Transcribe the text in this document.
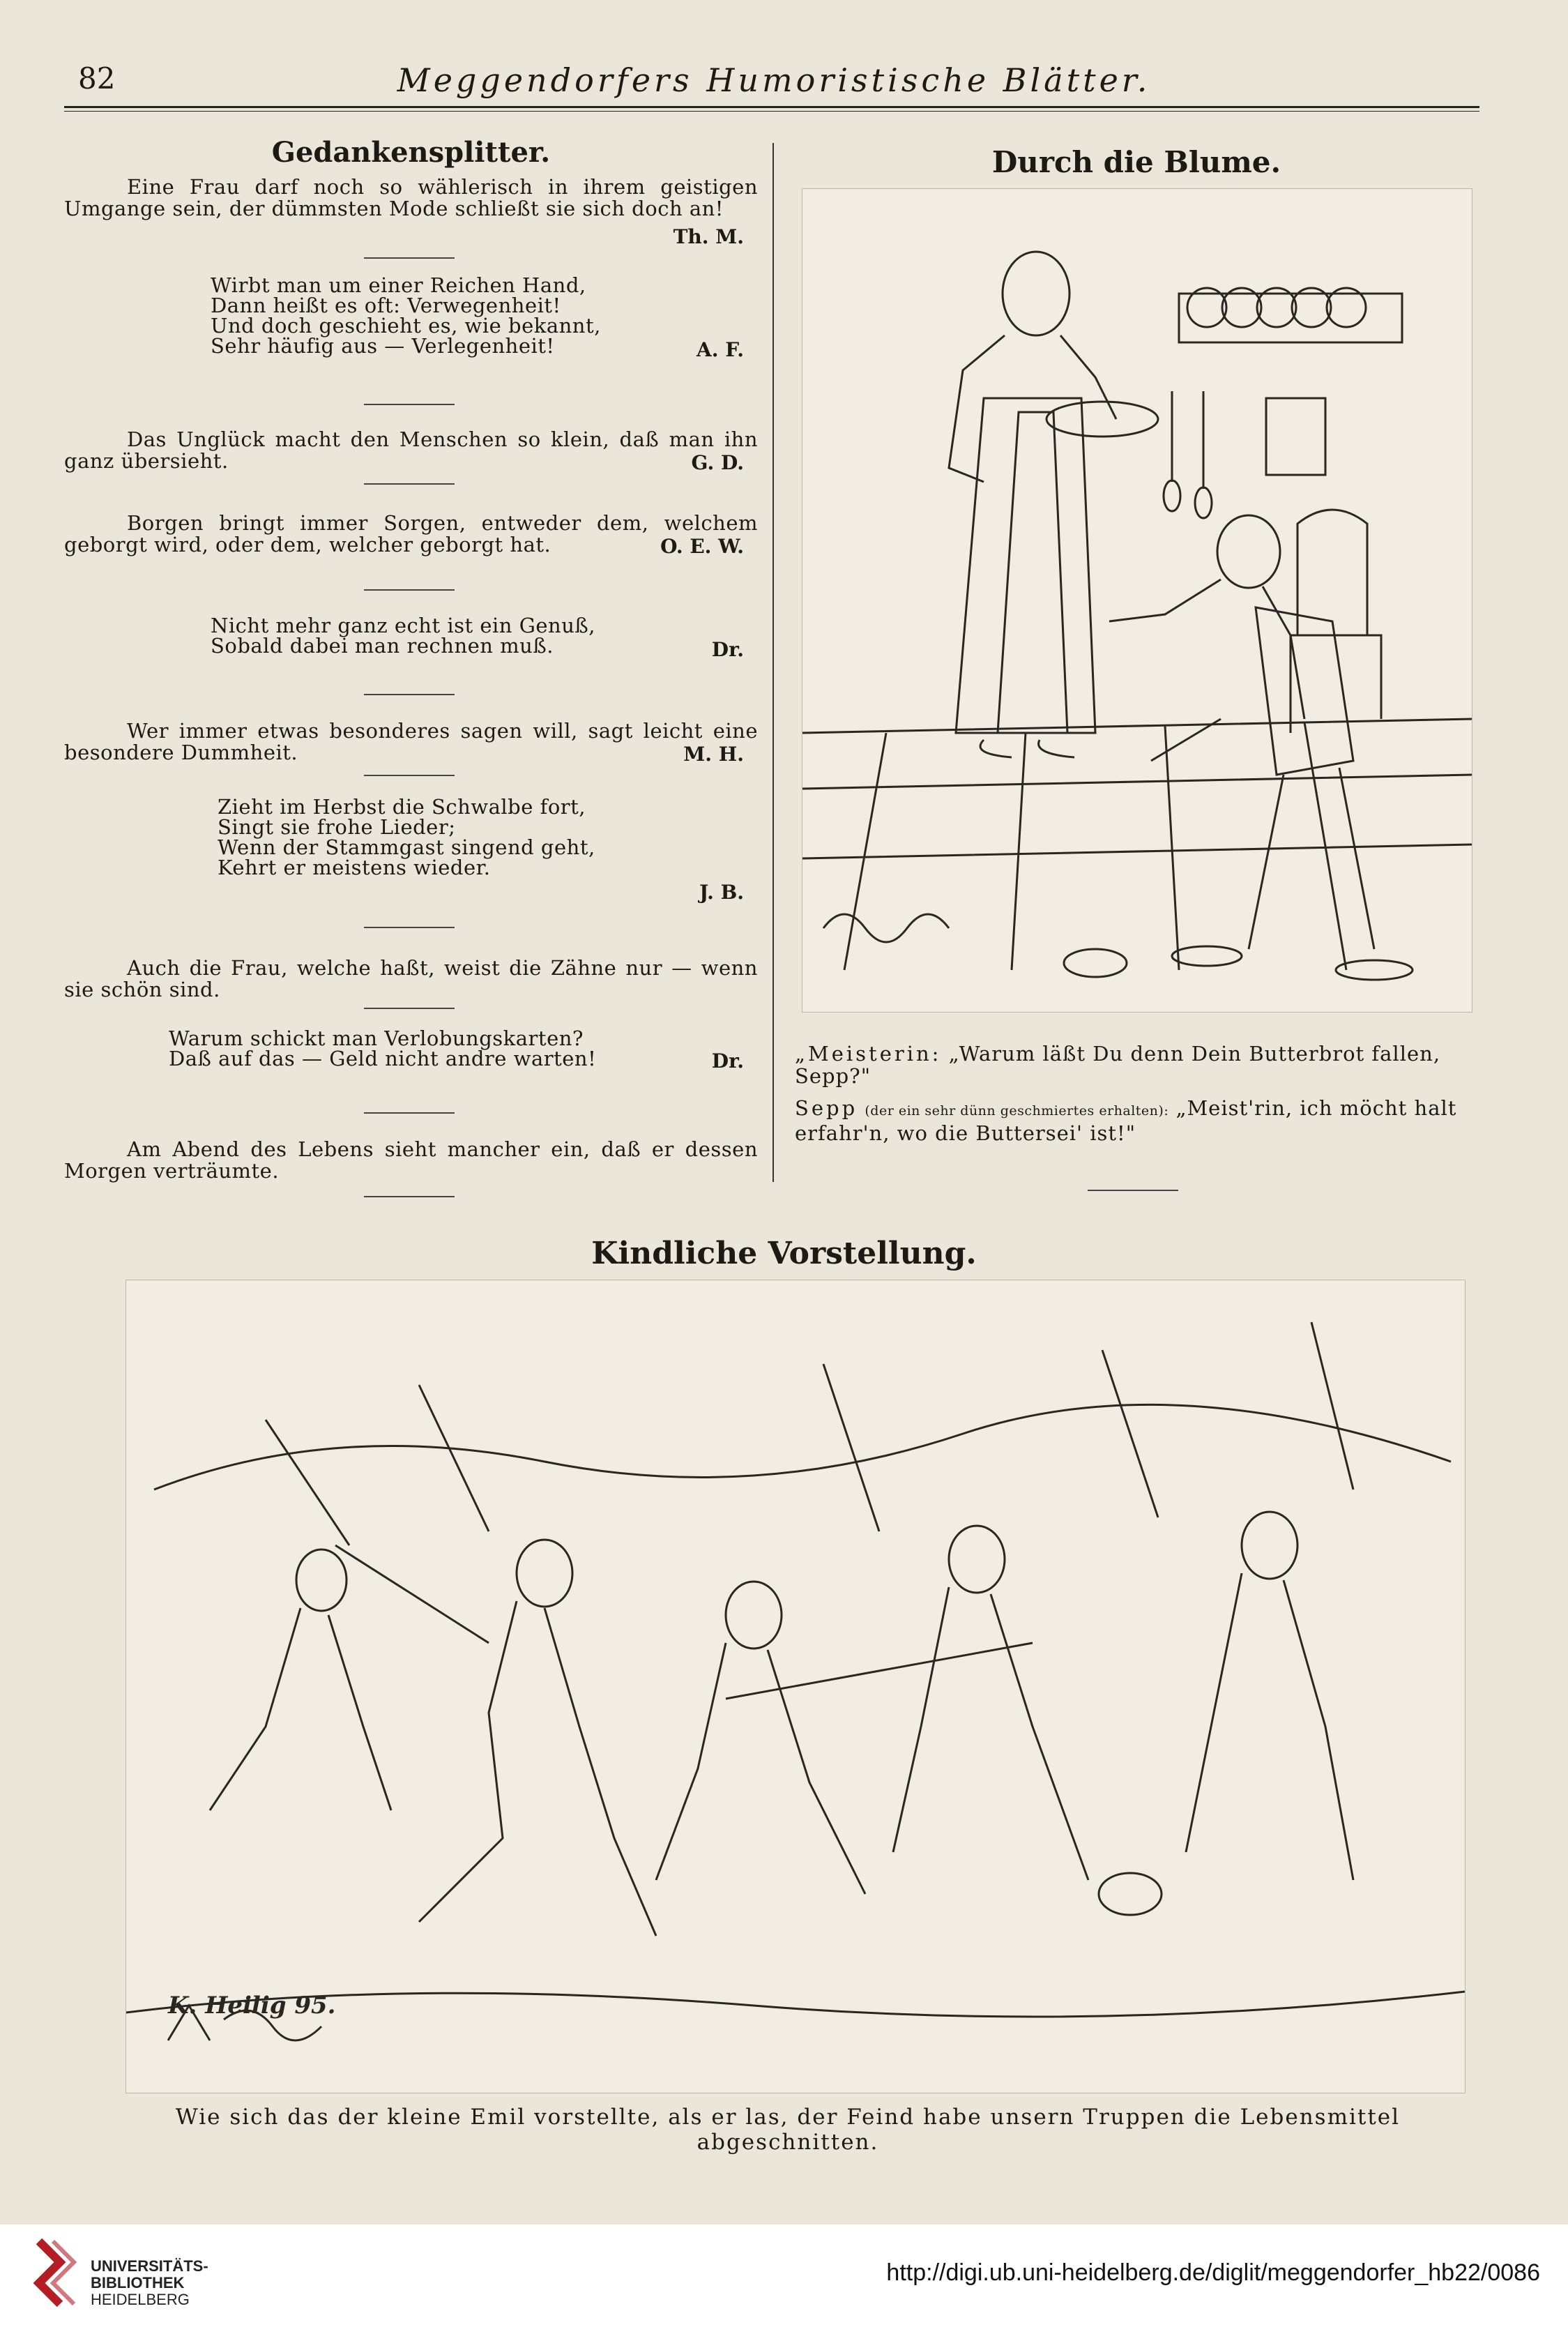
82	Meggendorfers Humoristische Blätter.
Gedankensplitter.
Eine Frau darf noch so wählerisch in ihrem geistigen Umgange sein, der dümmsten Mode schließt sie sich doch an!
Th. M.
Wirbt man um einer Reichen Hand,
Dann heißt es oft: Verwegenheit!
Und doch geschieht es, wie bekannt,
Sehr häufig aus — Verlegenheit!	A. F.
Das Unglück macht den Menschen so klein, daß man ihn ganz übersieht.	G. D.
Borgen bringt immer Sorgen, entweder dem, welchem geborgt wird, oder dem, welcher geborgt hat.	O. E. W.
Nicht mehr ganz echt ist ein Genuß,
Sobald dabei man rechnen muß.	Dr.
Wer immer etwas besonderes sagen will, sagt leicht eine besondere Dummheit.	M. H.
Zieht im Herbst die Schwalbe fort,
Singt sie frohe Lieder;
Wenn der Stammgast singend geht,
Kehrt er meistens wieder.
J. B.
Auch die Frau, welche haßt, weist die Zähne nur — wenn sie schön sind.
Warum schickt man Verlobungskarten?
Daß auf das — Geld nicht andre warten!	Dr.
Am Abend des Lebens sieht mancher ein, daß er dessen Morgen verträumte.
Durch die Blume.
„Meisterin: „Warum läßt Du denn Dein Butterbrot fallen, Sepp?"
Sepp (der ein sehr dünn geschmiertes erhalten): „Meist'rin, ich möcht halt erfahr'n, wo die Buttersei' ist!"
Kindliche Vorstellung.
K. Heilig 95.
Wie sich das der kleine Emil vorstellte, als er las, der Feind habe unsern Truppen die Lebensmittel abgeschnitten.
UNIVERSITÄTS-
BIBLIOTHEK
HEIDELBERG
http://digi.ub.uni-heidelberg.de/diglit/meggendorfer_hb22/0086
